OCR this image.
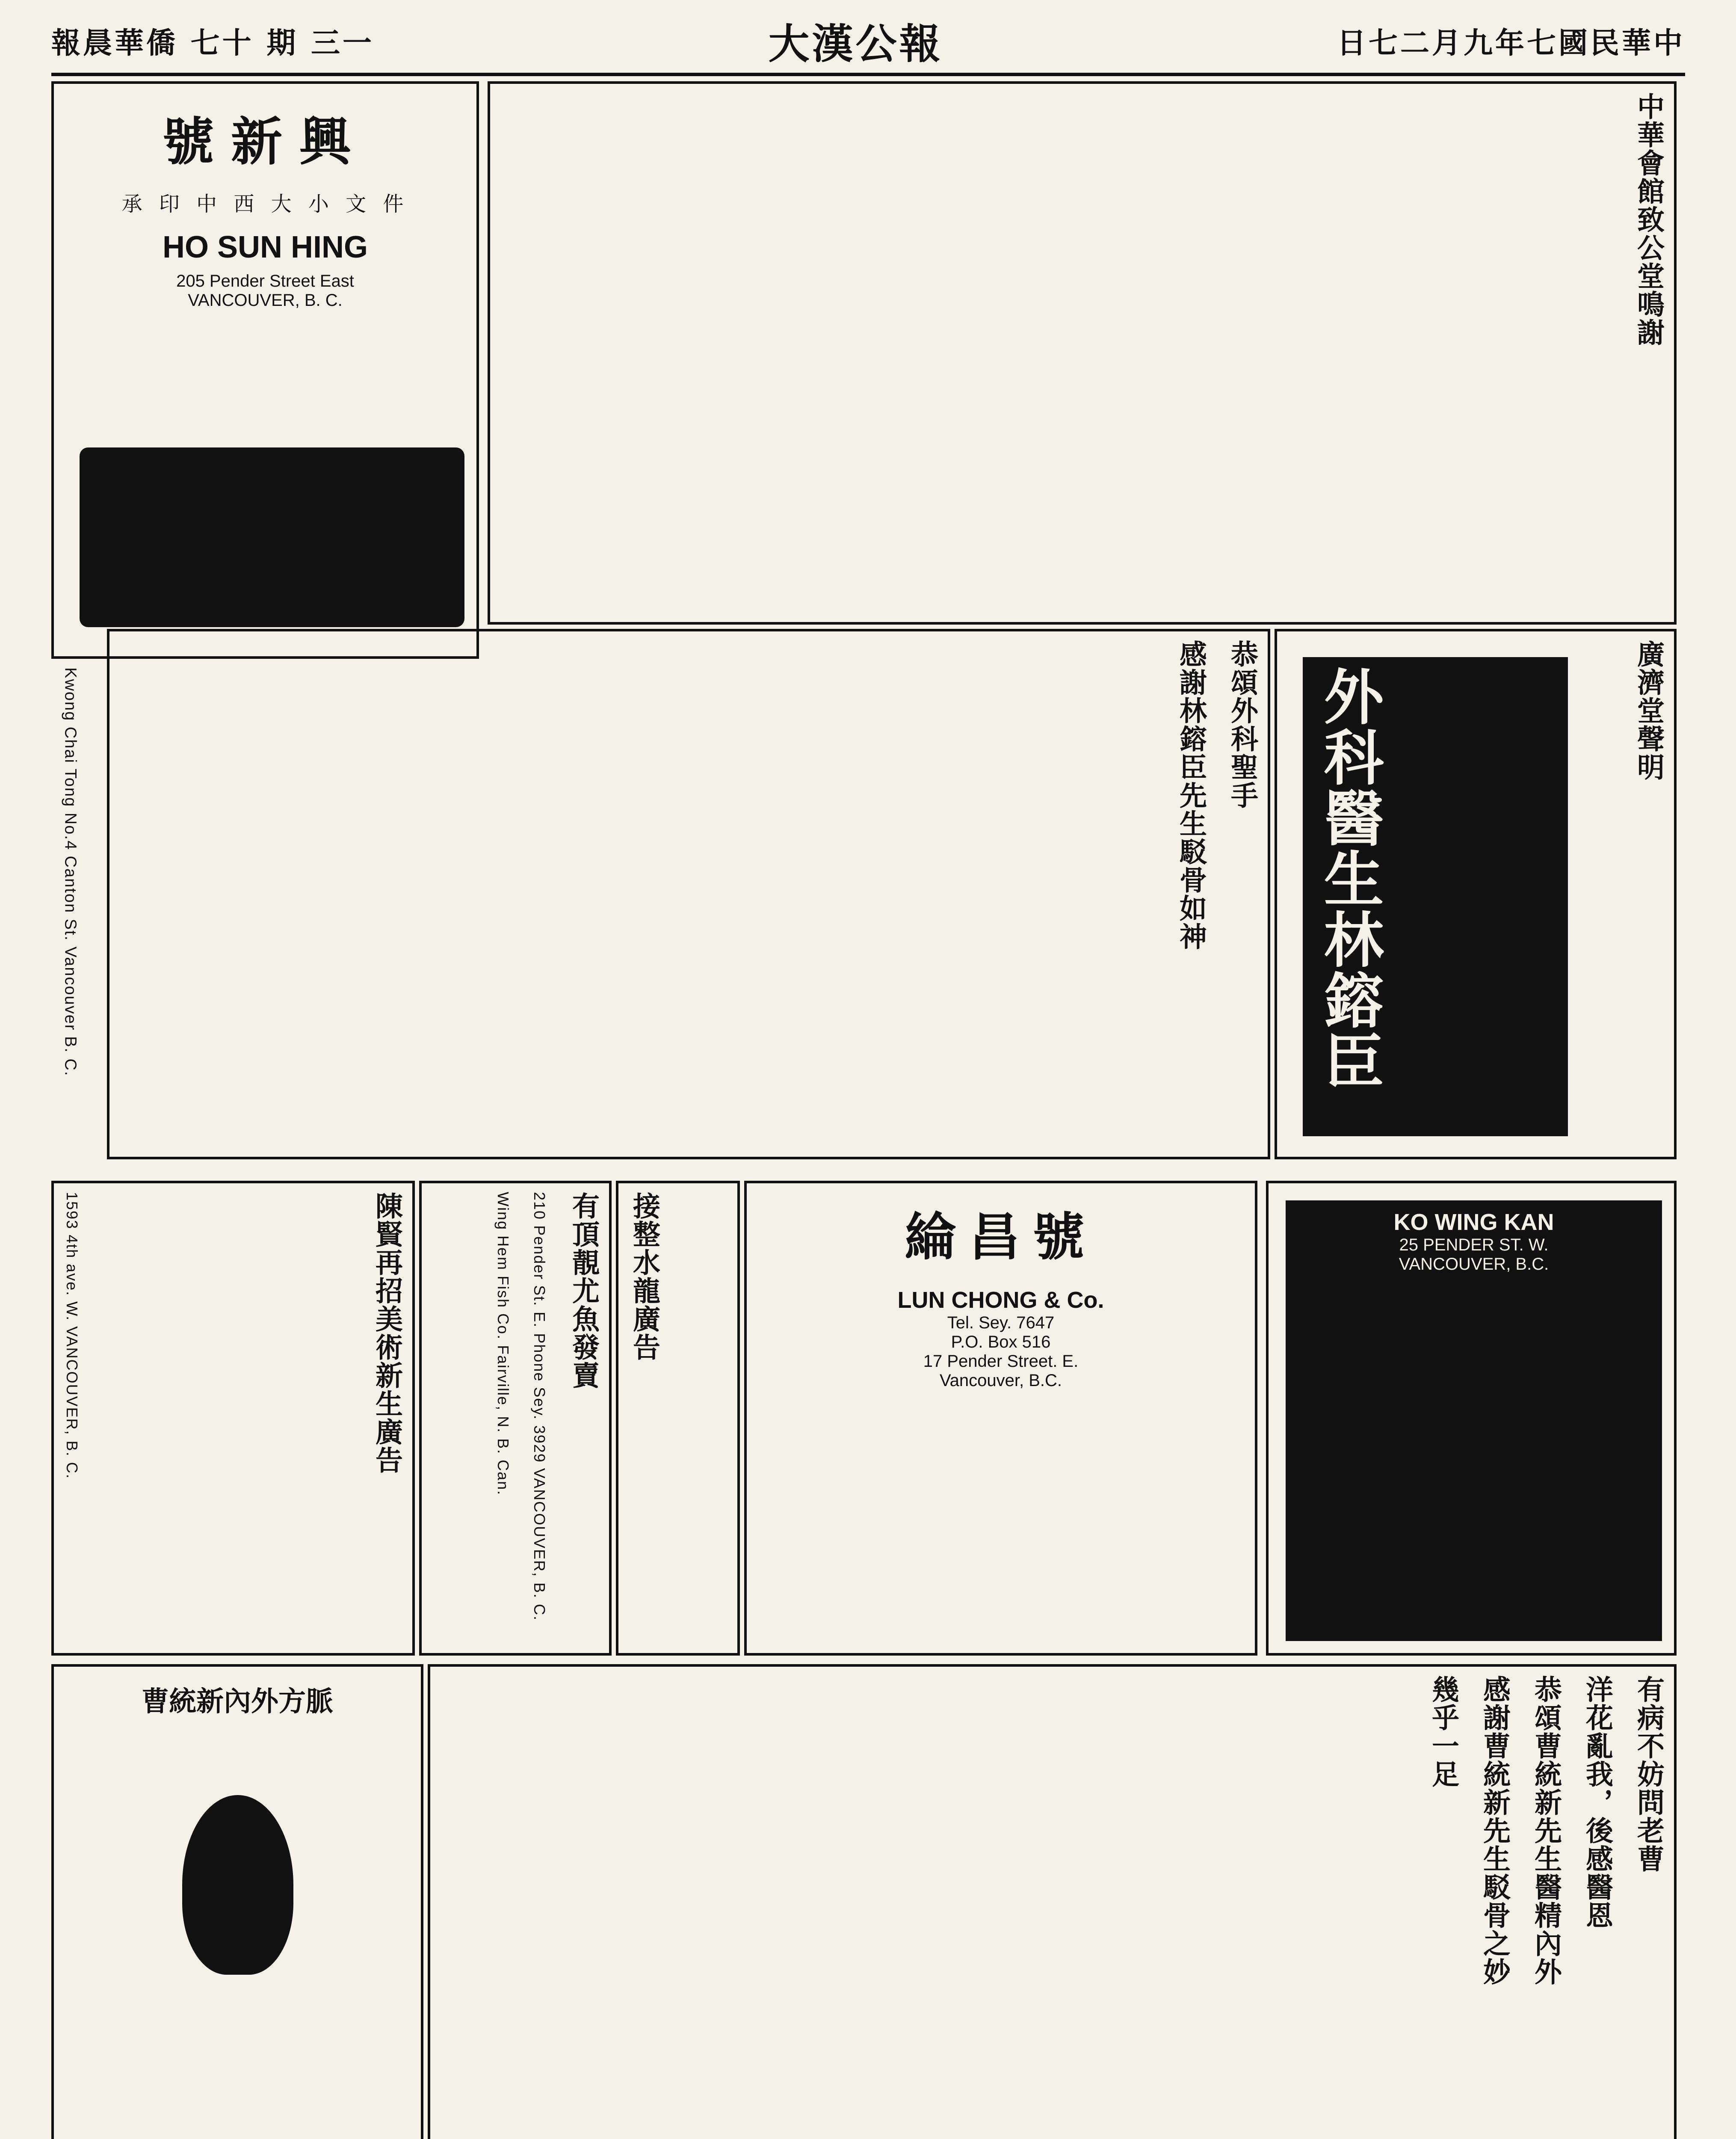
報晨華僑 七十 期 三一	大漢公報	日七二月九年七國民華中
號新興
承 印 中 西 大 小 文 件
HO SUN HING
205 Pender Street East
VANCOUVER, B. C.	中華會館致公堂鳴謝
Kwong Chai Tong No.4 Canton St. Vancouver B. C.	廣濟堂聲明
外科醫生林鎔臣
恭頌外科聖手
感謝林鎔臣先生駁骨如神
KO WING KAN
25 PENDER ST. W.
VANCOUVER, B.C.
綸昌號
LUN CHONG & Co.
Tel. Sey. 7647
P.O. Box 516
17 Pender Street. E.
Vancouver, B.C.
接整水龍廣告
有頂靚尤魚發賣
210 Pender St. E. Phone Sey. 3929 VANCOUVER, B. C.
Wing Hem Fish Co. Fairville, N. B. Can.
陳賢再招美術新生廣告
1593 4th ave. W. VANCOUVER, B. C.
有病不妨問老曹
洋花亂我，後感醫恩
恭頌曹統新先生醫精內外
感謝曹統新先生駁骨之妙
幾乎一足
曹統新內外方脈
